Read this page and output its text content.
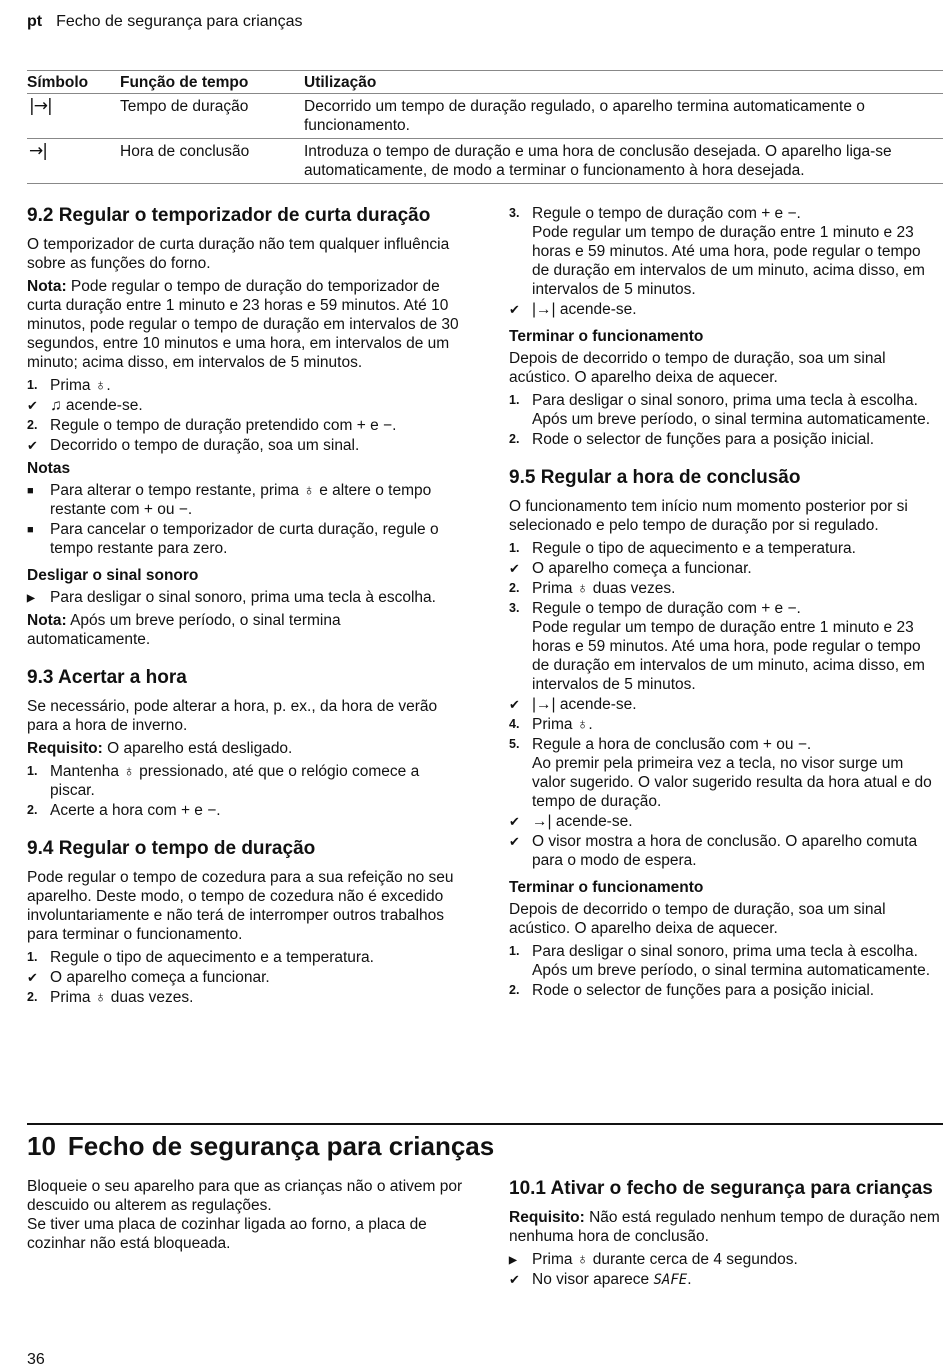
pt Fecho de segurança para crianças
Símbolo	Função de tempo	Utilização
|→|	Tempo de duração	Decorrido um tempo de duração regulado, o aparelho termina automaticamente o funcionamento.
→|	Hora de conclusão	Introduza o tempo de duração e uma hora de conclusão desejada. O aparelho liga-se automaticamente, de modo a terminar o funcionamento à hora desejada.
9.2 Regular o temporizador de curta duração

O temporizador de curta duração não tem qualquer influência sobre as funções do forno.

Nota: Pode regular o tempo de duração do temporizador de curta duração entre 1 minuto e 23 horas e 59 minutos. Até 10 minutos, pode regular o tempo de duração em intervalos de 30 segundos, entre 10 minutos e uma hora, em intervalos de um minuto; acima disso, em intervalos de 5 minutos.

1. Prima ♁.
✔ ♫ acende-se.
2. Regule o tempo de duração pretendido com + e −.
✔ Decorrido o tempo de duração, soa um sinal.
Notas
■	Para alterar o tempo restante, prima ♁ e altere o tempo restante com + ou −.
■	Para cancelar o temporizador de curta duração, regule o tempo restante para zero.
Desligar o sinal sonoro
▶ Para desligar o sinal sonoro, prima uma tecla à escolha.

Nota: Após um breve período, o sinal termina automaticamente.

9.3 Acertar a hora

Se necessário, pode alterar a hora, p. ex., da hora de verão para a hora de inverno.

Requisito: O aparelho está desligado.

1. Mantenha ♁ pressionado, até que o relógio comece a piscar.
2. Acerte a hora com + e −.
9.4 Regular o tempo de duração

Pode regular o tempo de cozedura para a sua refeição no seu aparelho. Deste modo, o tempo de cozedura não é excedido involuntariamente e não terá de interromper outros trabalhos para terminar o funcionamento.

1. Regule o tipo de aquecimento e a temperatura.
✔ O aparelho começa a funcionar.
2. Prima ♁ duas vezes.
3. Regule o tempo de duração com + e −.
Pode regular um tempo de duração entre 1 minuto e 23 horas e 59 minutos. Até uma hora, pode regular o tempo de duração em intervalos de um minuto, acima disso, em intervalos de 5 minutos.
✔ |→| acende-se.
Terminar o funcionamento

Depois de decorrido o tempo de duração, soa um sinal acústico. O aparelho deixa de aquecer.

1. Para desligar o sinal sonoro, prima uma tecla à escolha.
Após um breve período, o sinal termina automaticamente.
2. Rode o selector de funções para a posição inicial.
9.5 Regular a hora de conclusão

O funcionamento tem início num momento posterior por si selecionado e pelo tempo de duração por si regulado.

1. Regule o tipo de aquecimento e a temperatura.
✔ O aparelho começa a funcionar.
2. Prima ♁ duas vezes.
3. Regule o tempo de duração com + e −.
Pode regular um tempo de duração entre 1 minuto e 23 horas e 59 minutos. Até uma hora, pode regular o tempo de duração em intervalos de um minuto, acima disso, em intervalos de 5 minutos.
✔ |→| acende-se.
4. Prima ♁.
5. Regule a hora de conclusão com + ou −.
Ao premir pela primeira vez a tecla, no visor surge um valor sugerido. O valor sugerido resulta da hora atual e do tempo de duração.
✔ →| acende-se.
✔ O visor mostra a hora de conclusão. O aparelho comuta para o modo de espera.
Terminar o funcionamento

Depois de decorrido o tempo de duração, soa um sinal acústico. O aparelho deixa de aquecer.

1. Para desligar o sinal sonoro, prima uma tecla à escolha.
Após um breve período, o sinal termina automaticamente.
2. Rode o selector de funções para a posição inicial.
10 Fecho de segurança para crianças

Bloqueie o seu aparelho para que as crianças não o ativem por descuido ou alterem as regulações.

Se tiver uma placa de cozinhar ligada ao forno, a placa de cozinhar não está bloqueada.

10.1 Ativar o fecho de segurança para crianças

Requisito: Não está regulado nenhum tempo de duração nem nenhuma hora de conclusão.

▶ Prima ♁ durante cerca de 4 segundos.
✔ No visor aparece SAFE.
36
